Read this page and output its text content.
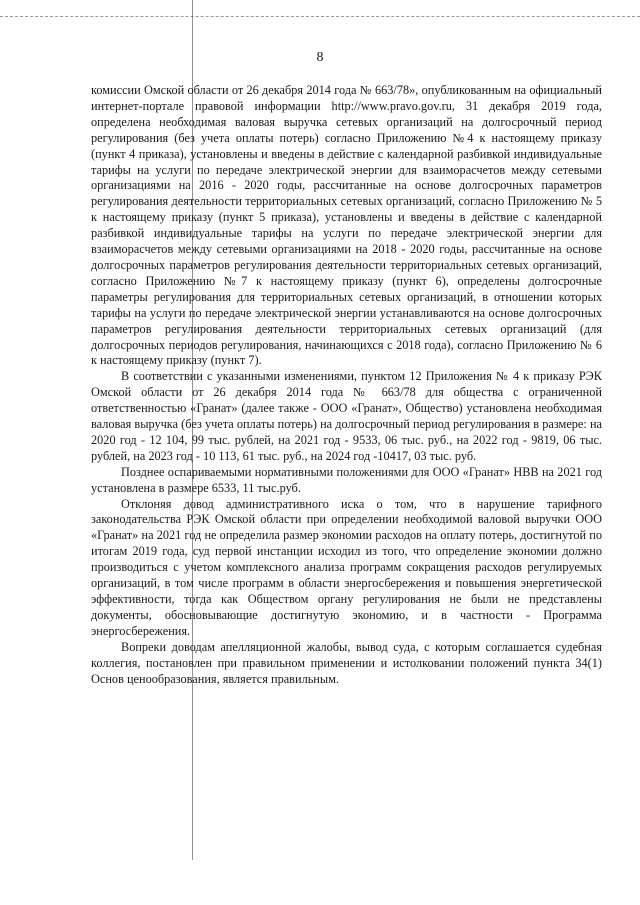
8

комиссии Омской области от 26 декабря 2014 года № 663/78», опубликованным на официальный интернет-портале правовой информации http://www.pravo.gov.ru, 31 декабря 2019 года, определена необходимая валовая выручка сетевых организаций на долгосрочный период регулирования (без учета оплаты потерь) согласно Приложению №4 к настоящему приказу (пункт 4 приказа), установлены и введены в действие с календарной разбивкой индивидуальные тарифы на услуги по передаче электрической энергии для взаиморасчетов между сетевыми организациями на 2016 - 2020 годы, рассчитанные на основе долгосрочных параметров регулирования деятельности территориальных сетевых организаций, согласно Приложению № 5 к настоящему приказу (пункт 5 приказа), установлены и введены в действие с календарной разбивкой индивидуальные тарифы на услуги по передаче электрической энергии для взаиморасчетов между сетевыми организациями на 2018 - 2020 годы, рассчитанные на основе долгосрочных параметров регулирования деятельности территориальных сетевых организаций, согласно Приложению №7 к настоящему приказу (пункт 6), определены долгосрочные параметры регулирования для территориальных сетевых организаций, в отношении которых тарифы на услуги по передаче электрической энергии устанавливаются на основе долгосрочных параметров регулирования деятельности территориальных сетевых организаций (для долгосрочных периодов регулирования, начинающихся с 2018 года), согласно Приложению № 6 к настоящему приказу (пункт 7).

В соответствии с указанными изменениями, пунктом 12 Приложения № 4 к приказу РЭК Омской области от 26 декабря 2014 года № 663/78 для общества с ограниченной ответственностью «Гранат» (далее также - ООО «Гранат», Общество) установлена необходимая валовая выручка (без учета оплаты потерь) на долгосрочный период регулирования в размере: на 2020 год - 12 104, 99 тыс. рублей, на 2021 год - 9533, 06 тыс. руб., на 2022 год - 9819, 06 тыс. рублей, на 2023 год - 10 113, 61 тыс. руб., на 2024 год -10417, 03 тыс. руб.

Позднее оспариваемыми нормативными положениями для ООО «Гранат» НВВ на 2021 год установлена в размере 6533, 11 тыс.руб.

Отклоняя довод административного иска о том, что в нарушение тарифного законодательства РЭК Омской области при определении необходимой валовой выручки ООО «Гранат» на 2021 год не определила размер экономии расходов на оплату потерь, достигнутой по итогам 2019 года, суд первой инстанции исходил из того, что определение экономии должно производиться с учетом комплексного анализа программ сокращения расходов регулируемых организаций, в том числе программ в области энергосбережения и повышения энергетической эффективности, тогда как Обществом органу регулирования не были не представлены документы, обосновывающие достигнутую экономию, и в частности - Программа энергосбережения.

Вопреки доводам апелляционной жалобы, вывод суда, с которым соглашается судебная коллегия, постановлен при правильном применении и истолковании положений пункта 34(1) Основ ценообразования, является правильным.
